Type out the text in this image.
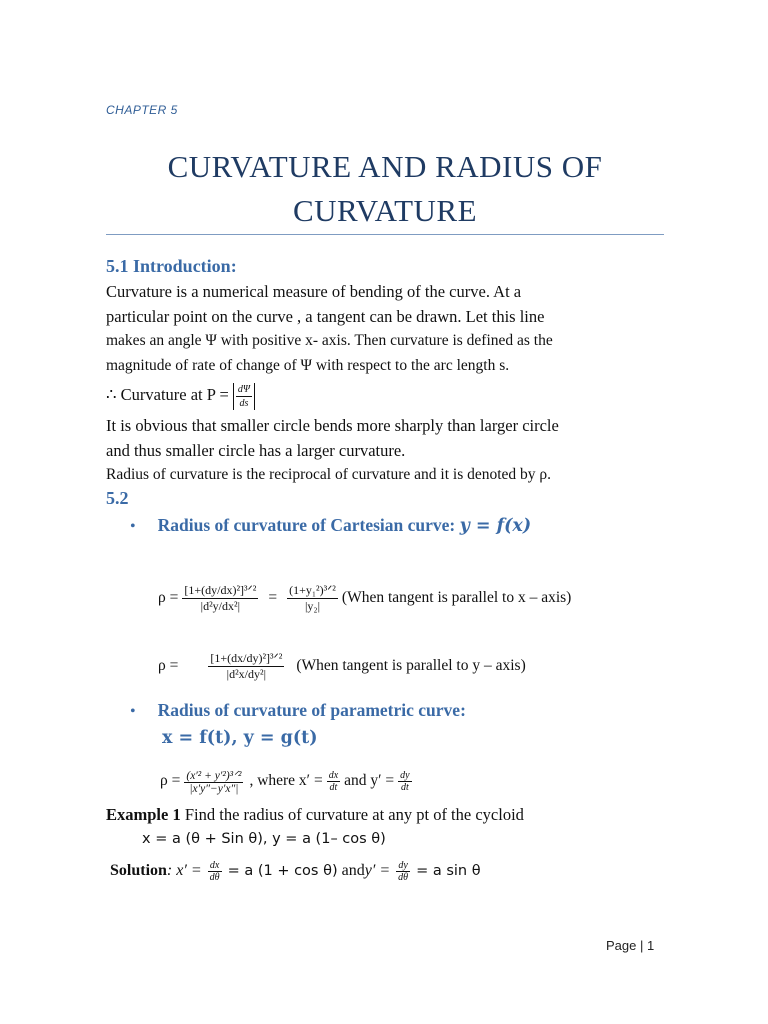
CHAPTER 5
CURVATURE AND RADIUS OF
CURVATURE
5.1 Introduction:
Curvature is a numerical measure of bending of the curve. At a
particular point on the curve , a tangent can be drawn. Let this line
makes an angle Ψ with positive x- axis. Then curvature is defined as the
magnitude of rate of change of Ψ with respect to the arc length s.
∴ Curvature at $P = \frac{d\Psi}{ds}$
It is obvious that smaller circle bends more sharply than larger circle
and thus smaller circle has a larger curvature.
Radius of curvature is the reciprocal of curvature and it is denoted by ρ.
5.2
• Radius of curvature of Cartesian curve: y = f(x)
$\rho = \frac{\text{[1+(dy/dx)²]³ᐟ²}}{\text{|d²y/dx²|}} = \frac{\text{(1+y₁²)³ᐟ²}}{\text{|y₂|}}$ (When tangent is parallel to x – axis)
ρ =	$\frac{\text{[1+(dx/dy)²]³ᐟ²}}{\text{|d²x/dy²|}}$ (When tangent is parallel to y – axis)
• Radius of curvature of parametric curve:
x = f(t), y = g(t)
$\rho = \frac{\text{(x′² + y′²)³ᐟ²}}{|x'y''-y'x''|}$ , where $x' = \frac{dx}{dt}$ and $y' = \frac{dy}{dt}$
Example 1 Find the radius of curvature at any pt of the cycloid
x = a (θ + Sin θ), y = a (1– cos θ)
Solution : $x' = \frac{dx}{d\theta} = a$ (1 + cos θ) and $y' = \frac{dy}{d\theta} = a$ sin θ
Page | 1
